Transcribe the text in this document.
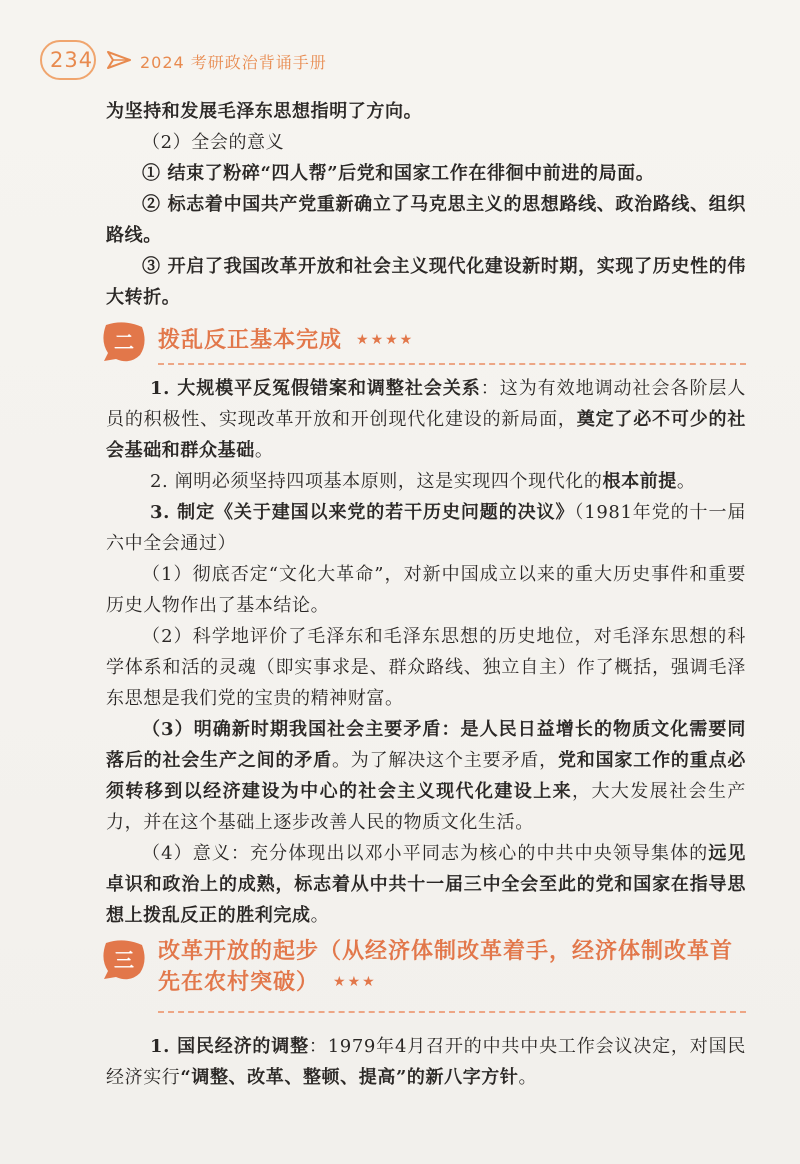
234	2024 考研政治背诵手册

为坚持和发展毛泽东思想指明了方向。

（2）全会的意义

① 结束了粉碎“四人帮”后党和国家工作在徘徊中前进的局面。

② 标志着中国共产党重新确立了马克思主义的思想路线、政治路线、组织路线。

③ 开启了我国改革开放和社会主义现代化建设新时期，实现了历史性的伟大转折。

二 拨乱反正基本完成 ★★★★

1. 大规模平反冤假错案和调整社会关系：这为有效地调动社会各阶层人员的积极性、实现改革开放和开创现代化建设的新局面，奠定了必不可少的社会基础和群众基础。

2. 阐明必须坚持四项基本原则，这是实现四个现代化的根本前提。

3. 制定《关于建国以来党的若干历史问题的决议》（1981年党的十一届六中全会通过）

（1）彻底否定“文化大革命”，对新中国成立以来的重大历史事件和重要历史人物作出了基本结论。

（2）科学地评价了毛泽东和毛泽东思想的历史地位，对毛泽东思想的科学体系和活的灵魂（即实事求是、群众路线、独立自主）作了概括，强调毛泽东思想是我们党的宝贵的精神财富。

（3）明确新时期我国社会主要矛盾：是人民日益增长的物质文化需要同落后的社会生产之间的矛盾。为了解决这个主要矛盾，党和国家工作的重点必须转移到以经济建设为中心的社会主义现代化建设上来，大大发展社会生产力，并在这个基础上逐步改善人民的物质文化生活。

（4）意义：充分体现出以邓小平同志为核心的中共中央领导集体的远见卓识和政治上的成熟，标志着从中共十一届三中全会至此的党和国家在指导思想上拨乱反正的胜利完成。

三 改革开放的起步（从经济体制改革着手，经济体制改革首先在农村突破） ★★★

1. 国民经济的调整：1979年4月召开的中共中央工作会议决定，对国民经济实行“调整、改革、整顿、提高”的新八字方针。
